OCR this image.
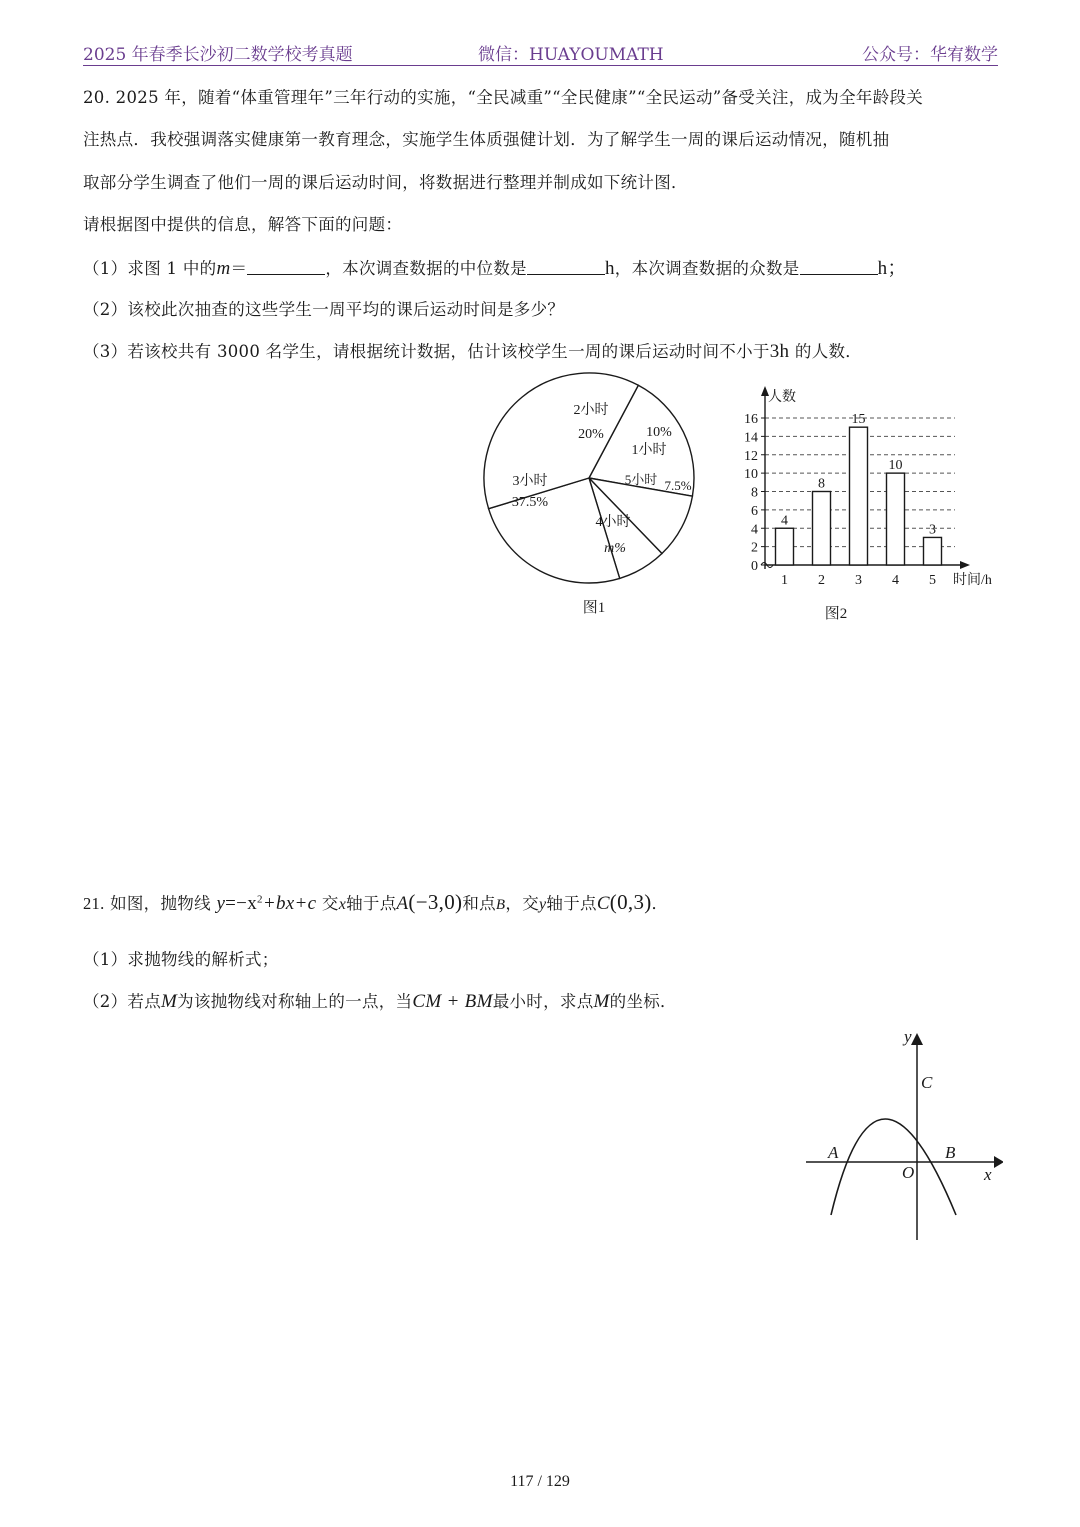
2025 年春季长沙初二数学校考真题	微信：HUAYOUMATH	公众号：华宥数学
20. 2025 年，随着“体重管理年”三年行动的实施，“全民减重”“全民健康”“全民运动”备受关注，成为全年龄段关
注热点．我校强调落实健康第一教育理念，实施学生体质强健计划．为了解学生一周的课后运动情况，随机抽
取部分学生调查了他们一周的课后运动时间，将数据进行整理并制成如下统计图．
请根据图中提供的信息，解答下面的问题：
（1）求图 1 中的m＝	，本次调查数据的中位数是	h，本次调查数据的众数是	h；
（2）该校此次抽查的这些学生一周平均的课后运动时间是多少？
（3）若该校共有 3000 名学生，请根据统计数据，估计该校学生一周的课后运动时间不小于3h 的人数．
2小时
20%	10%
1小时
5小时 7.5%
4小时
m%
3小时
37.5%
图1
人数
时间/h
图2
0
2
4
6
8
10
12
14
16
4
1
8
2
15
3
10
4
3
5
21. 如图，抛物线 $y=-x^2+bx+c$ 交x轴于点A(−3,0)和点B，交y轴于点C(0,3)．
（1）求抛物线的解析式；
（2）若点M为该抛物线对称轴上的一点，当CM + BM最小时，求点M的坐标．
y
x
O
A	B
C
117 / 129
